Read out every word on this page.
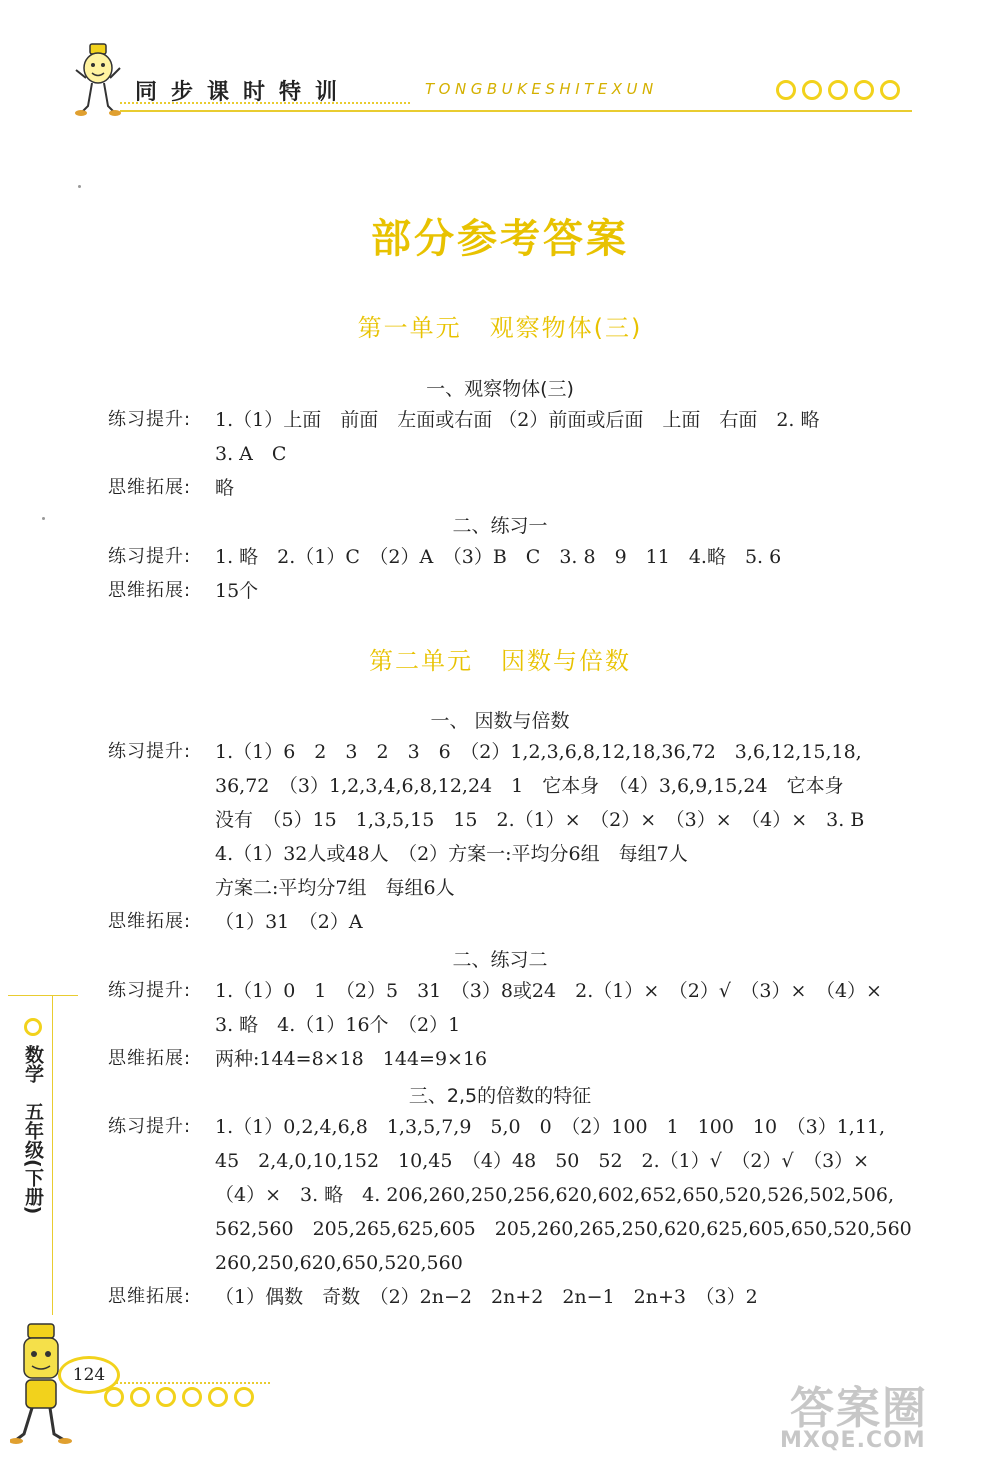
同步课时特训	TONGBUKESHITEXUN
部分参考答案
第一单元 观察物体(三)
一、观察物体(三)
练习提升: 1.（1）上面　前面　左面或右面 （2）前面或后面　上面　右面　2. 略
3. A　C
思维拓展: 略
二、练习一
练习提升: 1. 略　2.（1）C　（2）A　（3）B　C　3. 8　9　11　4.略　5. 6
思维拓展: 15个
第二单元 因数与倍数
一、 因数与倍数
练习提升: 1.（1）6　2　3　2　3　6　（2）1,2,3,6,8,12,18,36,72　3,6,12,15,18,
36,72　（3）1,2,3,4,6,8,12,24　1　它本身　（4）3,6,9,15,24　它本身
没有　（5）15　1,3,5,15　15　2.（1）×　（2）×　（3）×　（4）×　3. B
4.（1）32人或48人　（2）方案一:平均分6组　每组7人
方案二:平均分7组　每组6人
思维拓展: （1）31　（2）A
二、练习二
练习提升: 1.（1）0　1　（2）5　31　（3）8或24　2.（1）×　（2）√　（3）×　（4）×
3. 略　4.（1）16个　（2）1
思维拓展: 两种:144=8×18　144=9×16
三、2,5的倍数的特征
练习提升: 1.（1）0,2,4,6,8　1,3,5,7,9　5,0　0　（2）100　1　100　10　（3）1,11,
45　2,4,0,10,152　10,45　（4）48　50　52　2.（1）√　（2）√　（3）×
（4）×　3. 略　4. 206,260,250,256,620,602,652,650,520,526,502,506,
562,560　205,265,625,605　205,260,265,250,620,625,605,650,520,560
260,250,620,650,520,560
思维拓展: （1）偶数　奇数　（2）2n−2　2n+2　2n−1　2n+3　（3）2
数学　五年级(下册)
124
答案圈
MXQE.COM
